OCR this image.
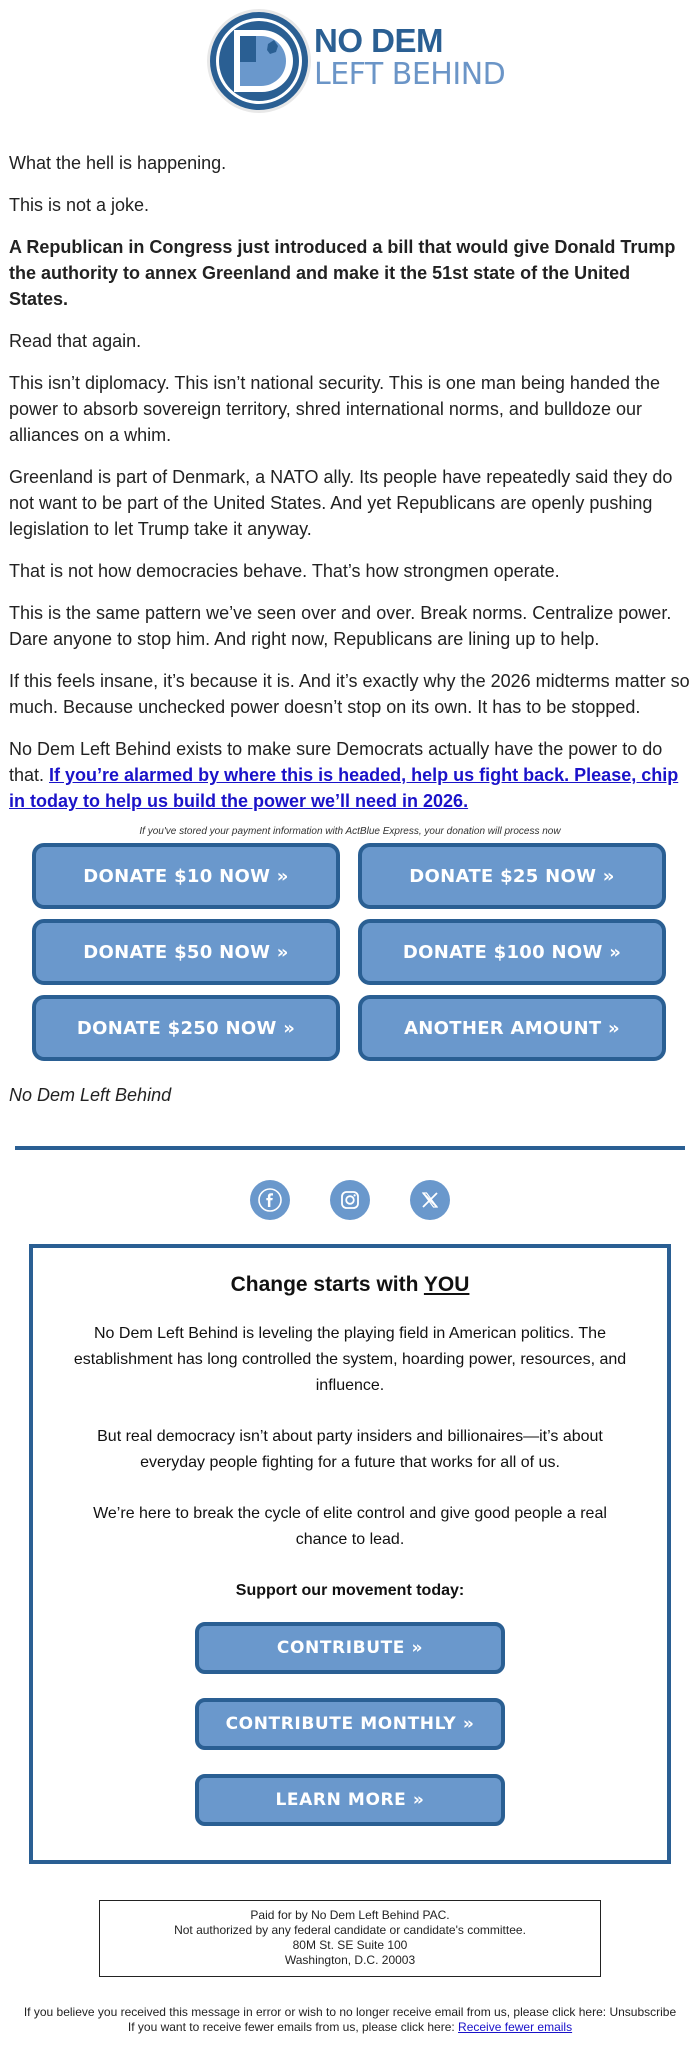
NO DEM
LEFT BEHIND

What the hell is happening.

This is not a joke.

A Republican in Congress just introduced a bill that would give Donald Trump the authority to annex Greenland and make it the 51st state of the United States.

Read that again.

This isn’t diplomacy. This isn’t national security. This is one man being handed the power to absorb sovereign territory, shred international norms, and bulldoze our alliances on a whim.

Greenland is part of Denmark, a NATO ally. Its people have repeatedly said they do not want to be part of the United States. And yet Republicans are openly pushing legislation to let Trump take it anyway.

That is not how democracies behave. That’s how strongmen operate.

This is the same pattern we’ve seen over and over. Break norms. Centralize power. Dare anyone to stop him. And right now, Republicans are lining up to help.

If this feels insane, it’s because it is. And it’s exactly why the 2026 midterms matter so much. Because unchecked power doesn’t stop on its own. It has to be stopped.

No Dem Left Behind exists to make sure Democrats actually have the power to do that. If you’re alarmed by where this is headed, help us fight back. Please, chip in today to help us build the power we’ll need in 2026.

If you've stored your payment information with ActBlue Express, your donation will process now
DONATE $10 NOW »	DONATE $25 NOW »
DONATE $50 NOW »	DONATE $100 NOW »
DONATE $250 NOW »	ANOTHER AMOUNT »
No Dem Left Behind
Change starts with YOU

No Dem Left Behind is leveling the playing field in American politics. The establishment has long controlled the system, hoarding power, resources, and influence.

But real democracy isn’t about party insiders and billionaires—it’s about everyday people fighting for a future that works for all of us.

We’re here to break the cycle of elite control and give good people a real chance to lead.

Support our movement today:

CONTRIBUTE »
CONTRIBUTE MONTHLY »
LEARN MORE »
Paid for by No Dem Left Behind PAC.
Not authorized by any federal candidate or candidate's committee.
80M St. SE Suite 100
Washington, D.C. 20003
If you believe you received this message in error or wish to no longer receive email from us, please click here: Unsubscribe
If you want to receive fewer emails from us, please click here: Receive fewer emails
